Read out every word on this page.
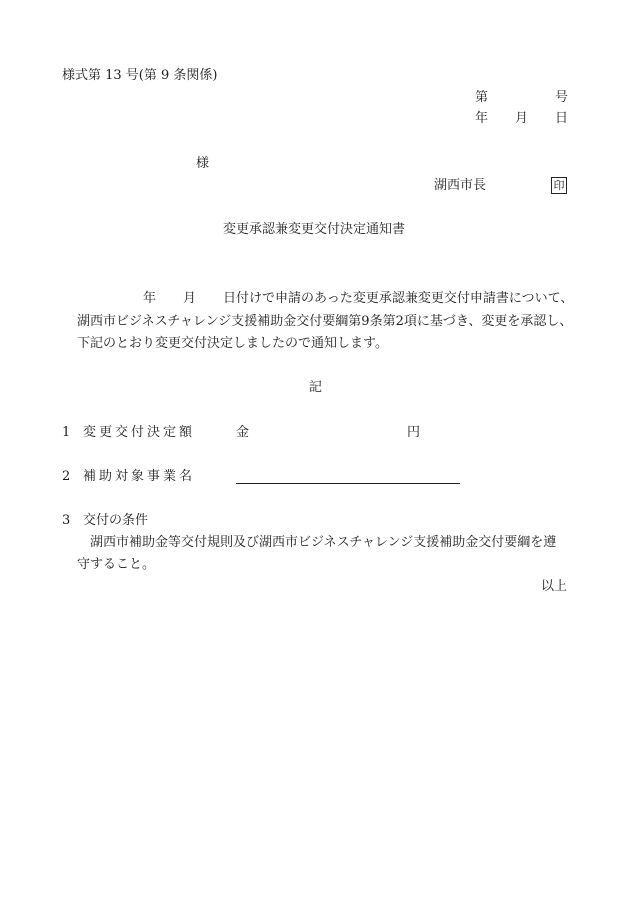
様式第 13 号(第 9 条関係)
第	号
年 月 日
様
湖西市長	印
変更承認兼変更交付決定通知書
年 月 日付けで申請のあった変更承認兼変更交付申請書について、
湖西市ビジネスチャレンジ支援補助金交付要綱第9条第2項に基づき、変更を承認し、
下記のとおり変更交付決定しましたので通知します。
記
1 変更交付決定額	金	円
2 補助対象事業名
3 交付の条件
湖西市補助金等交付規則及び湖西市ビジネスチャレンジ支援補助金交付要綱を遵
守すること。
以上
